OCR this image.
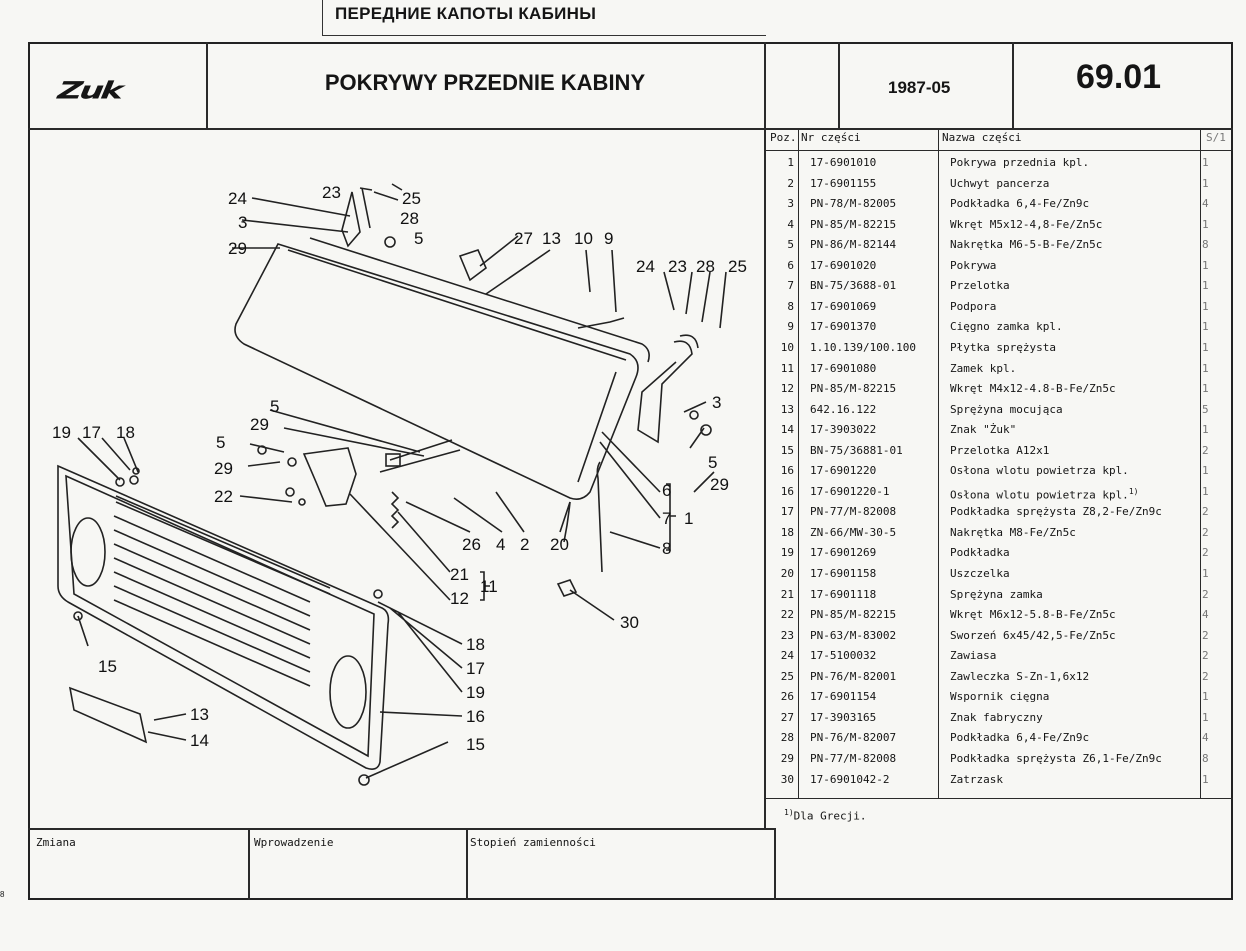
ПЕРЕДНИЕ КАПОТЫ КАБИНЫ
Zuk	POKRYWY PRZEDNIE KABINY	1987-05	69.01
Poz. Nr części	Nazwa części	S/1
1 17-6901010	Pokrywa przednia kpl.	1
2 17-6901155	Uchwyt pancerza	1
3 PN-78/M-82005	Podkładka 6,4-Fe/Zn9c	4
4 PN-85/M-82215	Wkręt M5x12-4,8-Fe/Zn5c	1
5 PN-86/M-82144	Nakrętka M6-5-B-Fe/Zn5c	8
6 17-6901020	Pokrywa	1
7 BN-75/3688-01	Przelotka	1
8 17-6901069	Podpora	1
9 17-6901370	Cięgno zamka kpl.	1
10 1.10.139/100.100	Płytka sprężysta	1
11 17-6901080	Zamek kpl.	1
12 PN-85/M-82215	Wkręt M4x12-4.8-B-Fe/Zn5c	1
13 642.16.122	Sprężyna mocująca	5
14 17-3903022	Znak "Żuk"	1
15 BN-75/36881-01	Przelotka A12x1	2
16 17-6901220	Osłona wlotu powietrza kpl.	1
16 17-6901220-1	Osłona wlotu powietrza kpl.$^{1)}$	1
17 PN-77/M-82008	Podkładka sprężysta Z8,2-Fe/Zn9c	2
18 ZN-66/MW-30-5	Nakrętka M8-Fe/Zn5c	2
19 17-6901269	Podkładka	2
20 17-6901158	Uszczelka	1
21 17-6901118	Sprężyna zamka	2
22 PN-85/M-82215	Wkręt M6x12-5.8-B-Fe/Zn5c	4
23 PN-63/M-83002	Sworzeń 6x45/42,5-Fe/Zn5c	2
24 17-5100032	Zawiasa	2
25 PN-76/M-82001	Zawleczka S-Zn-1,6x12	2
26 17-6901154	Wspornik cięgna	1
27 17-3903165	Znak fabryczny	1
28 PN-76/M-82007	Podkładka 6,4-Fe/Zn9c	4
29 PN-77/M-82008	Podkładka sprężysta Z6,1-Fe/Zn9c	8
30 17-6901042-2	Zatrzask	1
$^{1)}$Dla Grecji.
Zmiana	Wprowadzenie	Stopień zamienności
8
23	25
24
28
3
5
29
27 13 10 9
24 23 28 25
3
5
29
5
29
5
29
22
19 17 18
6
7 1
8
26 4 2 20
21
11
12
30
18
17
19
16
15
15
13
14
